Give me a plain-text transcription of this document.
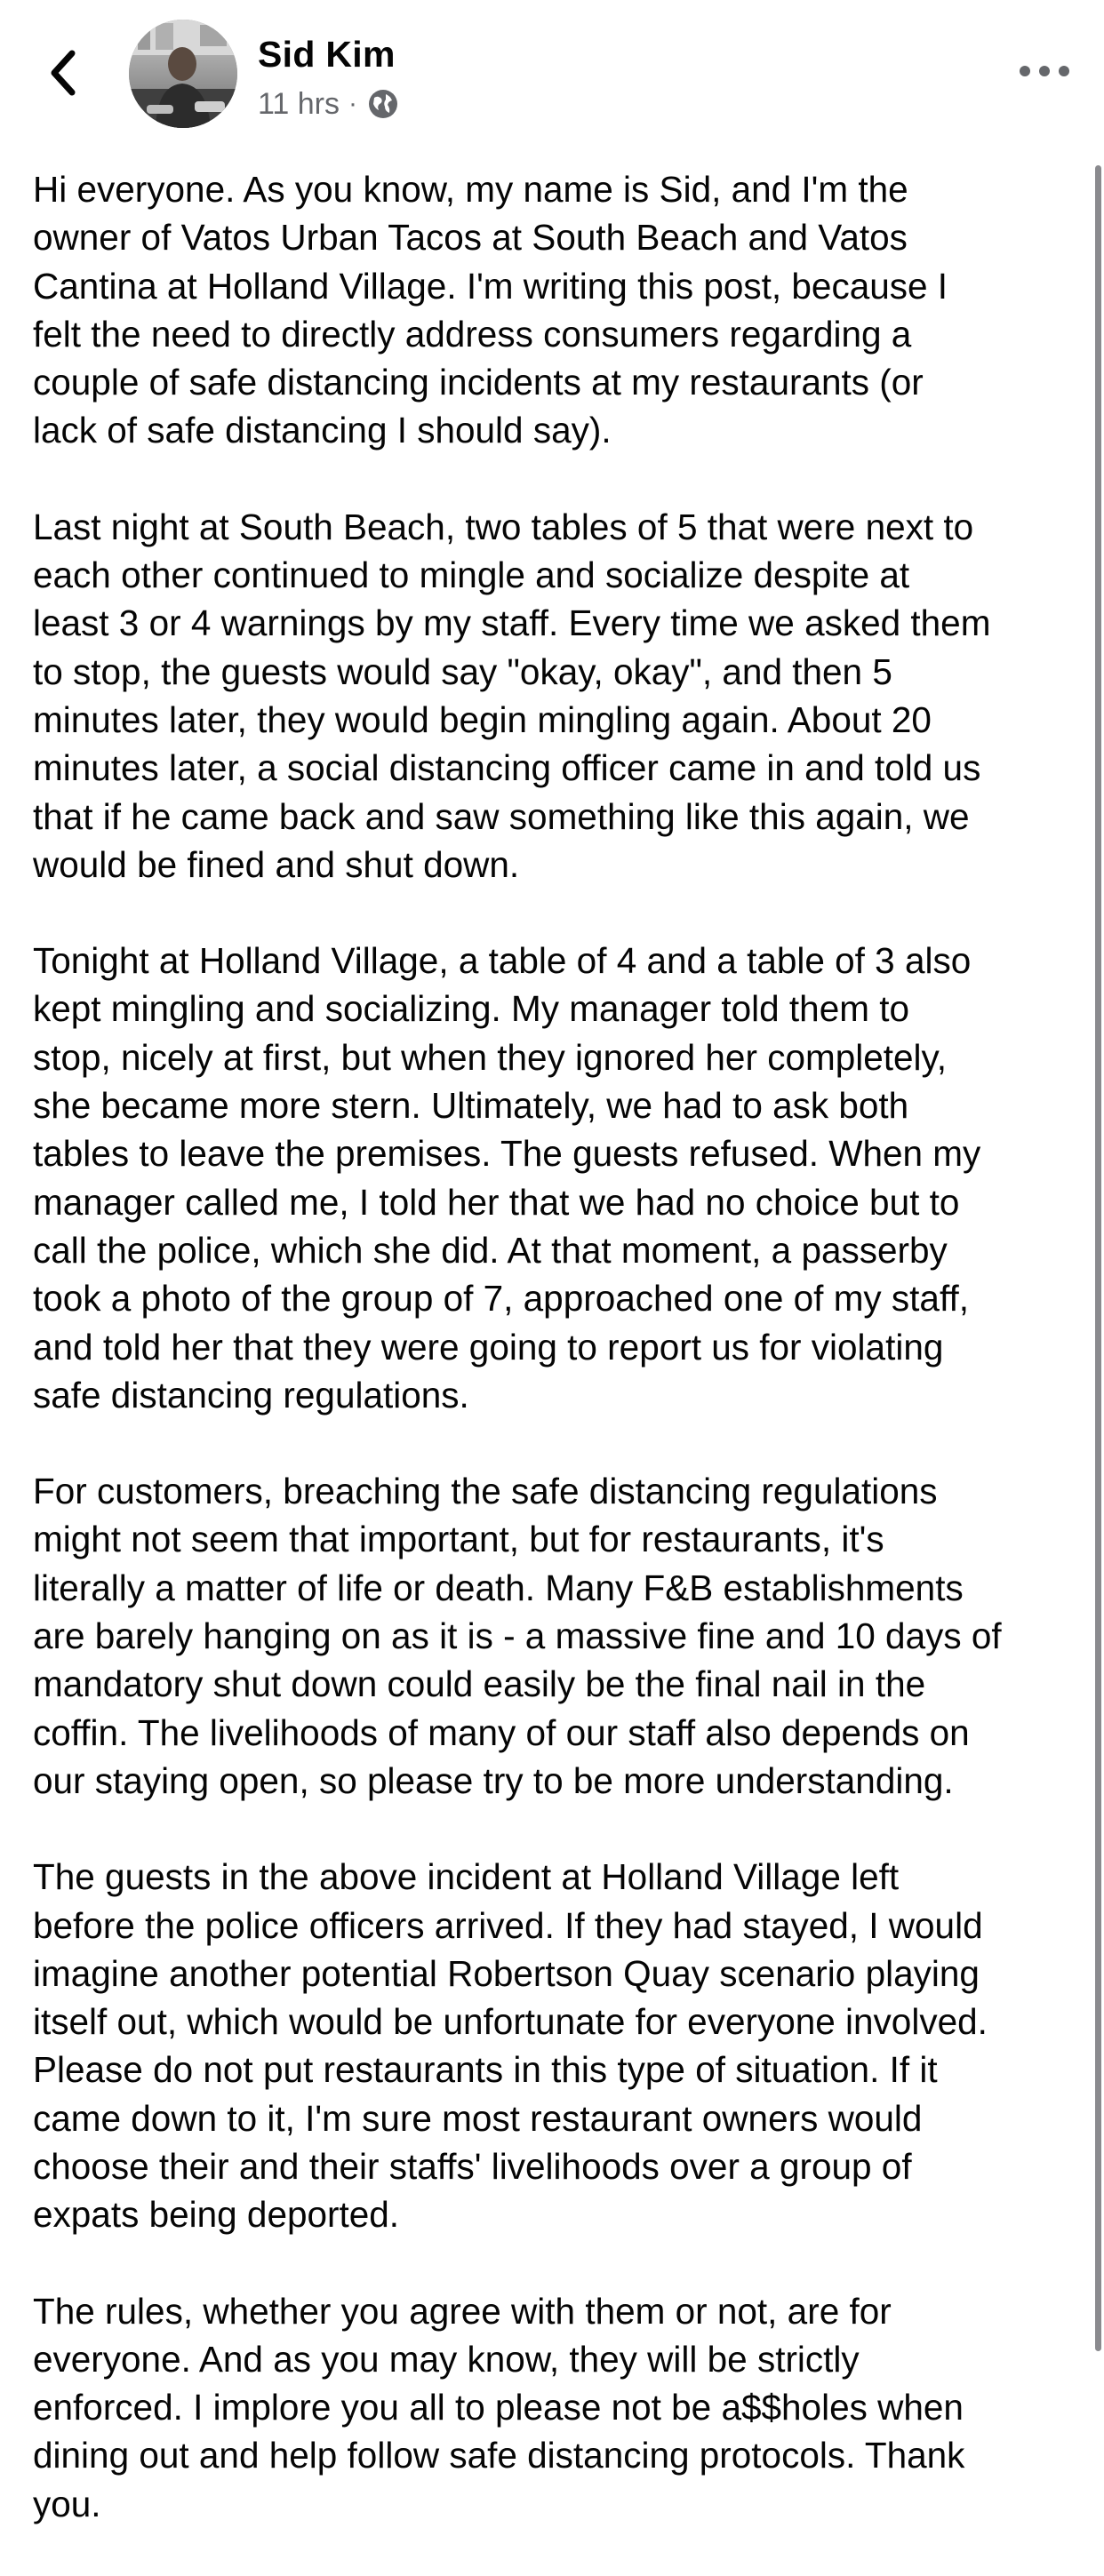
Sid Kim
11 hrs ·

Hi everyone. As you know, my name is Sid, and I'm the
owner of Vatos Urban Tacos at South Beach and Vatos
Cantina at Holland Village. I'm writing this post, because I
felt the need to directly address consumers regarding a
couple of safe distancing incidents at my restaurants (or
lack of safe distancing I should say).

Last night at South Beach, two tables of 5 that were next to
each other continued to mingle and socialize despite at
least 3 or 4 warnings by my staff. Every time we asked them
to stop, the guests would say "okay, okay", and then 5
minutes later, they would begin mingling again. About 20
minutes later, a social distancing officer came in and told us
that if he came back and saw something like this again, we
would be fined and shut down.

Tonight at Holland Village, a table of 4 and a table of 3 also
kept mingling and socializing. My manager told them to
stop, nicely at first, but when they ignored her completely,
she became more stern. Ultimately, we had to ask both
tables to leave the premises. The guests refused. When my
manager called me, I told her that we had no choice but to
call the police, which she did. At that moment, a passerby
took a photo of the group of 7, approached one of my staff,
and told her that they were going to report us for violating
safe distancing regulations.

For customers, breaching the safe distancing regulations
might not seem that important, but for restaurants, it's
literally a matter of life or death. Many F&B establishments
are barely hanging on as it is - a massive fine and 10 days of
mandatory shut down could easily be the final nail in the
coffin. The livelihoods of many of our staff also depends on
our staying open, so please try to be more understanding.

The guests in the above incident at Holland Village left
before the police officers arrived. If they had stayed, I would
imagine another potential Robertson Quay scenario playing
itself out, which would be unfortunate for everyone involved.
Please do not put restaurants in this type of situation. If it
came down to it, I'm sure most restaurant owners would
choose their and their staffs' livelihoods over a group of
expats being deported.

The rules, whether you agree with them or not, are for
everyone. And as you may know, they will be strictly
enforced. I implore you all to please not be a$$holes when
dining out and help follow safe distancing protocols. Thank
you.
